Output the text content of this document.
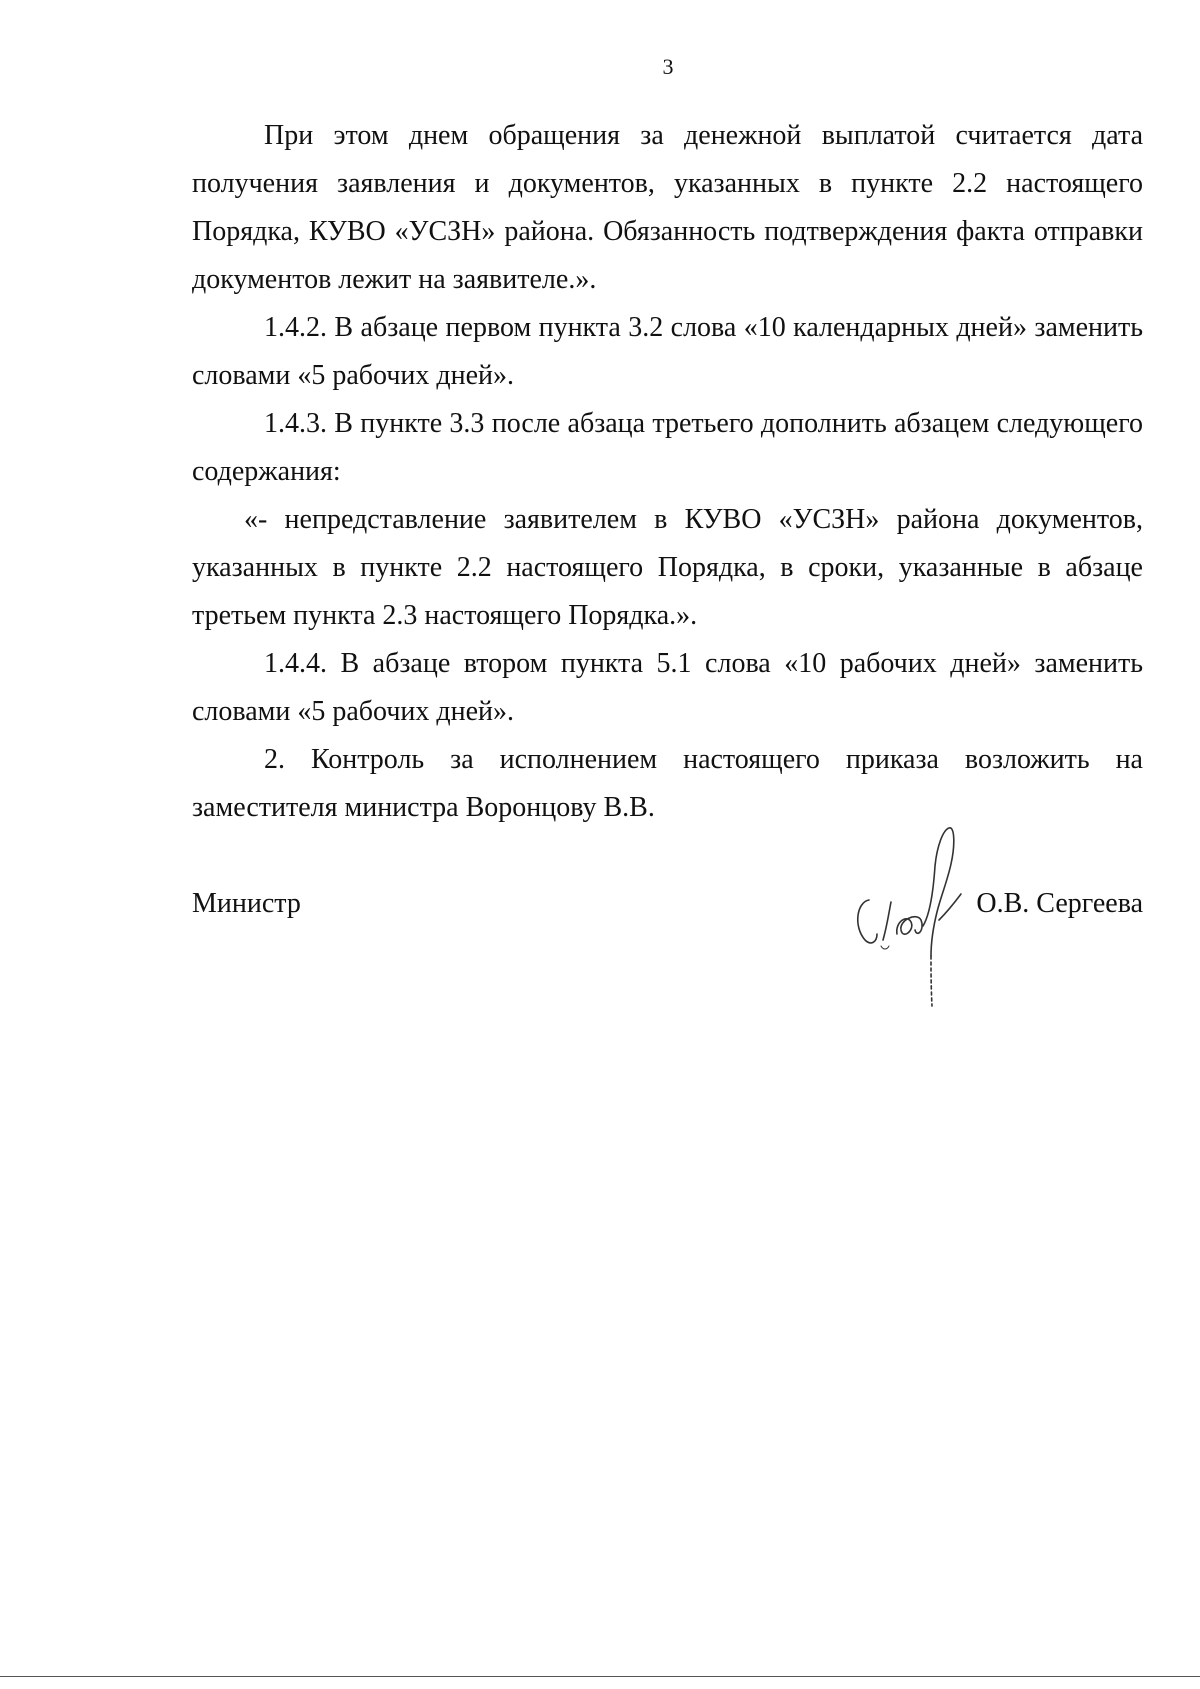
3

При этом днем обращения за денежной выплатой считается дата получения заявления и документов, указанных в пункте 2.2 настоящего Порядка, КУВО «УСЗН» района. Обязанность подтверждения факта отправки документов лежит на заявителе.».

1.4.2. В абзаце первом пункта 3.2 слова «10 календарных дней» заменить словами «5 рабочих дней».

1.4.3. В пункте 3.3 после абзаца третьего дополнить абзацем следующего содержания:

«- непредставление заявителем в КУВО «УСЗН» района документов, указанных в пункте 2.2 настоящего Порядка, в сроки, указанные в абзаце третьем пункта 2.3 настоящего Порядка.».

1.4.4. В абзаце втором пункта 5.1 слова «10 рабочих дней» заменить словами «5 рабочих дней».

2. Контроль за исполнением настоящего приказа возложить на заместителя министра Воронцову В.В.

Министр	О.В. Сергеева
